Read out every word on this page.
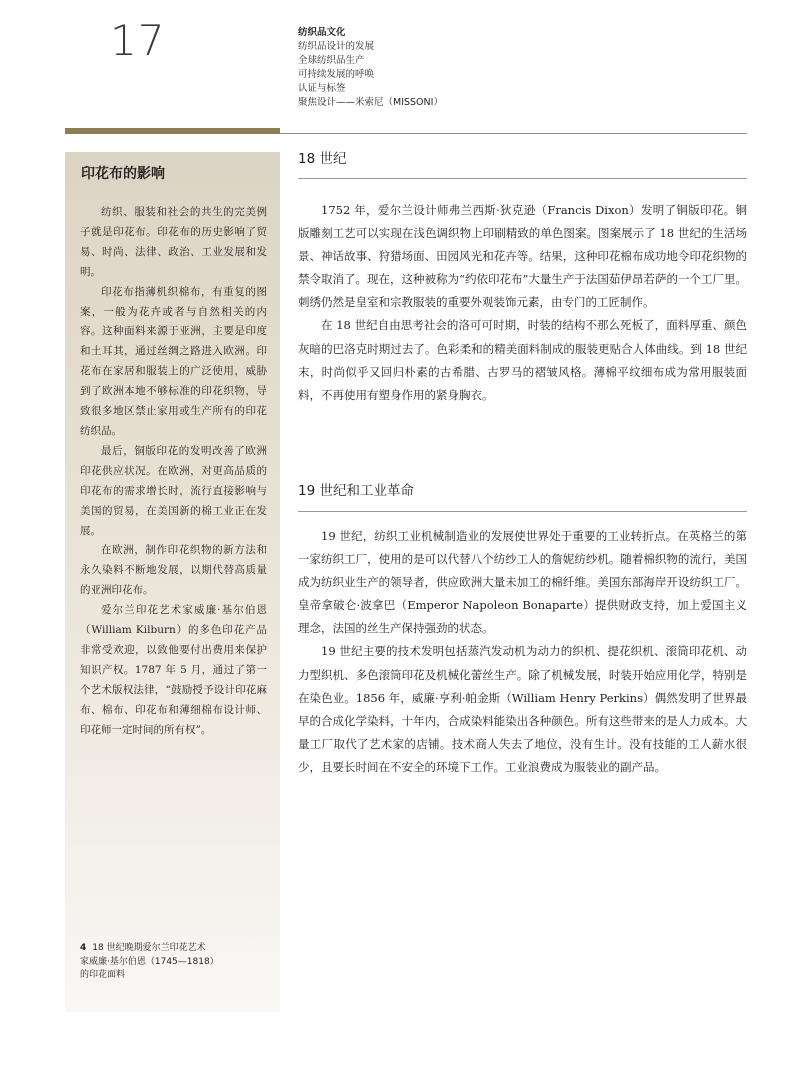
17	纺织品文化
纺织品设计的发展
全球纺织品生产
可持续发展的呼唤
认证与标签
聚焦设计——米索尼（MISSONI）
印花布的影响

纺织、服装和社会的共生的完美例子就是印花布。印花布的历史影响了贸易、时尚、法律、政治、工业发展和发明。

印花布指薄机织棉布，有重复的图案，一般为花卉或者与自然相关的内容。这种面料来源于亚洲，主要是印度和土耳其，通过丝绸之路进入欧洲。印花布在家居和服装上的广泛使用，威胁到了欧洲本地不够标准的印花织物，导致很多地区禁止家用或生产所有的印花纺织品。

最后，铜版印花的发明改善了欧洲印花供应状况。在欧洲，对更高品质的印花布的需求增长时，流行直接影响与美国的贸易，在美国新的棉工业正在发展。

在欧洲，制作印花织物的新方法和永久染料不断地发展，以期代替高质量的亚洲印花布。

爱尔兰印花艺术家威廉·基尔伯恩（William Kilburn）的多色印花产品非常受欢迎，以致他要付出费用来保护知识产权。1787 年 5 月，通过了第一个艺术版权法律，“鼓励授予设计印花麻布、棉布、印花布和薄细棉布设计师、印花师一定时间的所有权”。

4 18 世纪晚期爱尔兰印花艺术
家威廉·基尔伯恩（1745—1818）
的印花面料
18 世纪

1752 年，爱尔兰设计师弗兰西斯·狄克逊（Francis Dixon）发明了铜版印花。铜版雕刻工艺可以实现在浅色调织物上印刷精致的单色图案。图案展示了 18 世纪的生活场景、神话故事、狩猎场面、田园风光和花卉等。结果，这种印花棉布成功地令印花织物的禁令取消了。现在，这种被称为“约依印花布”大量生产于法国茹伊昂若萨的一个工厂里。刺绣仍然是皇室和宗教服装的重要外观装饰元素，由专门的工匠制作。

在 18 世纪自由思考社会的洛可可时期，时装的结构不那么死板了，面料厚重、颜色灰暗的巴洛克时期过去了。色彩柔和的精美面料制成的服装更贴合人体曲线。到 18 世纪末，时尚似乎又回归朴素的古希腊、古罗马的褶皱风格。薄棉平纹细布成为常用服装面料，不再使用有塑身作用的紧身胸衣。

19 世纪和工业革命

19 世纪，纺织工业机械制造业的发展使世界处于重要的工业转折点。在英格兰的第一家纺织工厂，使用的是可以代替八个纺纱工人的詹妮纺纱机。随着棉织物的流行，美国成为纺织业生产的领导者，供应欧洲大量未加工的棉纤维。美国东部海岸开设纺织工厂。皇帝拿破仑·波拿巴（Emperor Napoleon Bonaparte）提供财政支持，加上爱国主义理念，法国的丝生产保持强劲的状态。

19 世纪主要的技术发明包括蒸汽发动机为动力的织机、提花织机、滚筒印花机、动力型织机、多色滚筒印花及机械化蕾丝生产。除了机械发展，时装开始应用化学，特别是在染色业。1856 年，威廉·亨利·帕金斯（William Henry Perkins）偶然发明了世界最早的合成化学染料，十年内，合成染料能染出各种颜色。所有这些带来的是人力成本。大量工厂取代了艺术家的店铺。技术商人失去了地位，没有生计。没有技能的工人薪水很少，且要长时间在不安全的环境下工作。工业浪费成为服装业的副产品。
